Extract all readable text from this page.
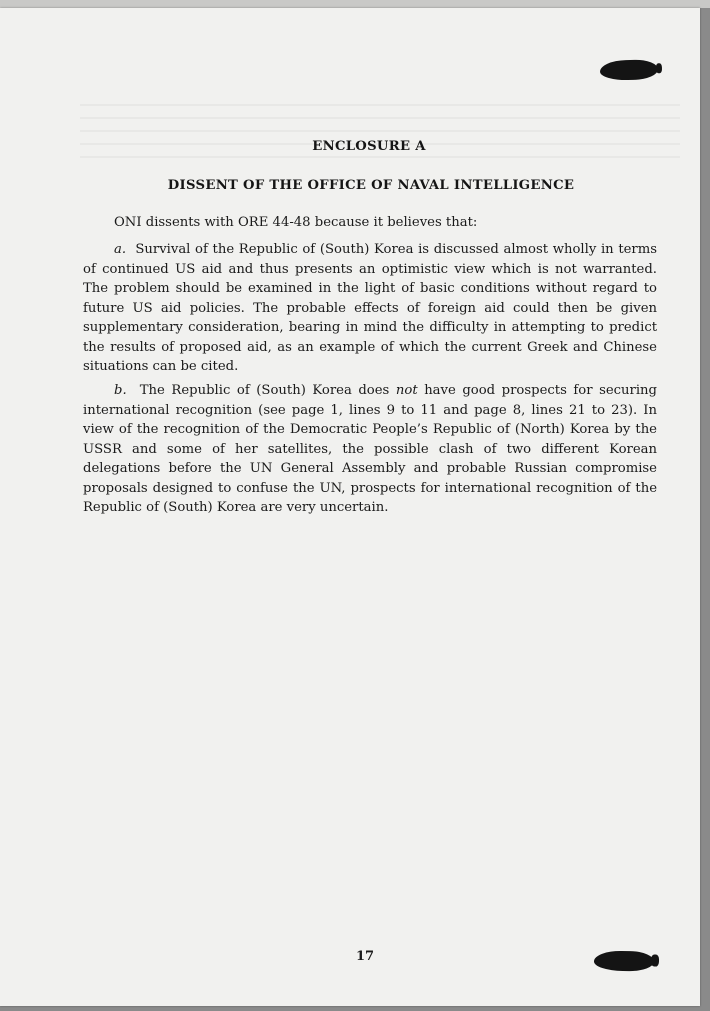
ENCLOSURE A
DISSENT OF THE OFFICE OF NAVAL INTELLIGENCE

ONI dissents with ORE 44-48 because it believes that:

a. Survival of the Republic of (South) Korea is discussed almost wholly in terms of continued US aid and thus presents an optimistic view which is not warranted. The problem should be examined in the light of basic conditions without regard to future US aid policies. The probable effects of foreign aid could then be given supplementary consideration, bearing in mind the difficulty in attempting to predict the results of proposed aid, as an example of which the current Greek and Chinese situations can be cited.

b. The Republic of (South) Korea does not have good prospects for securing international recognition (see page 1, lines 9 to 11 and page 8, lines 21 to 23). In view of the recognition of the Democratic People’s Republic of (North) Korea by the USSR and some of her satellites, the possible clash of two different Korean delegations before the UN General Assembly and probable Russian compromise proposals designed to confuse the UN, prospects for international recognition of the Republic of (South) Korea are very uncertain.

17
